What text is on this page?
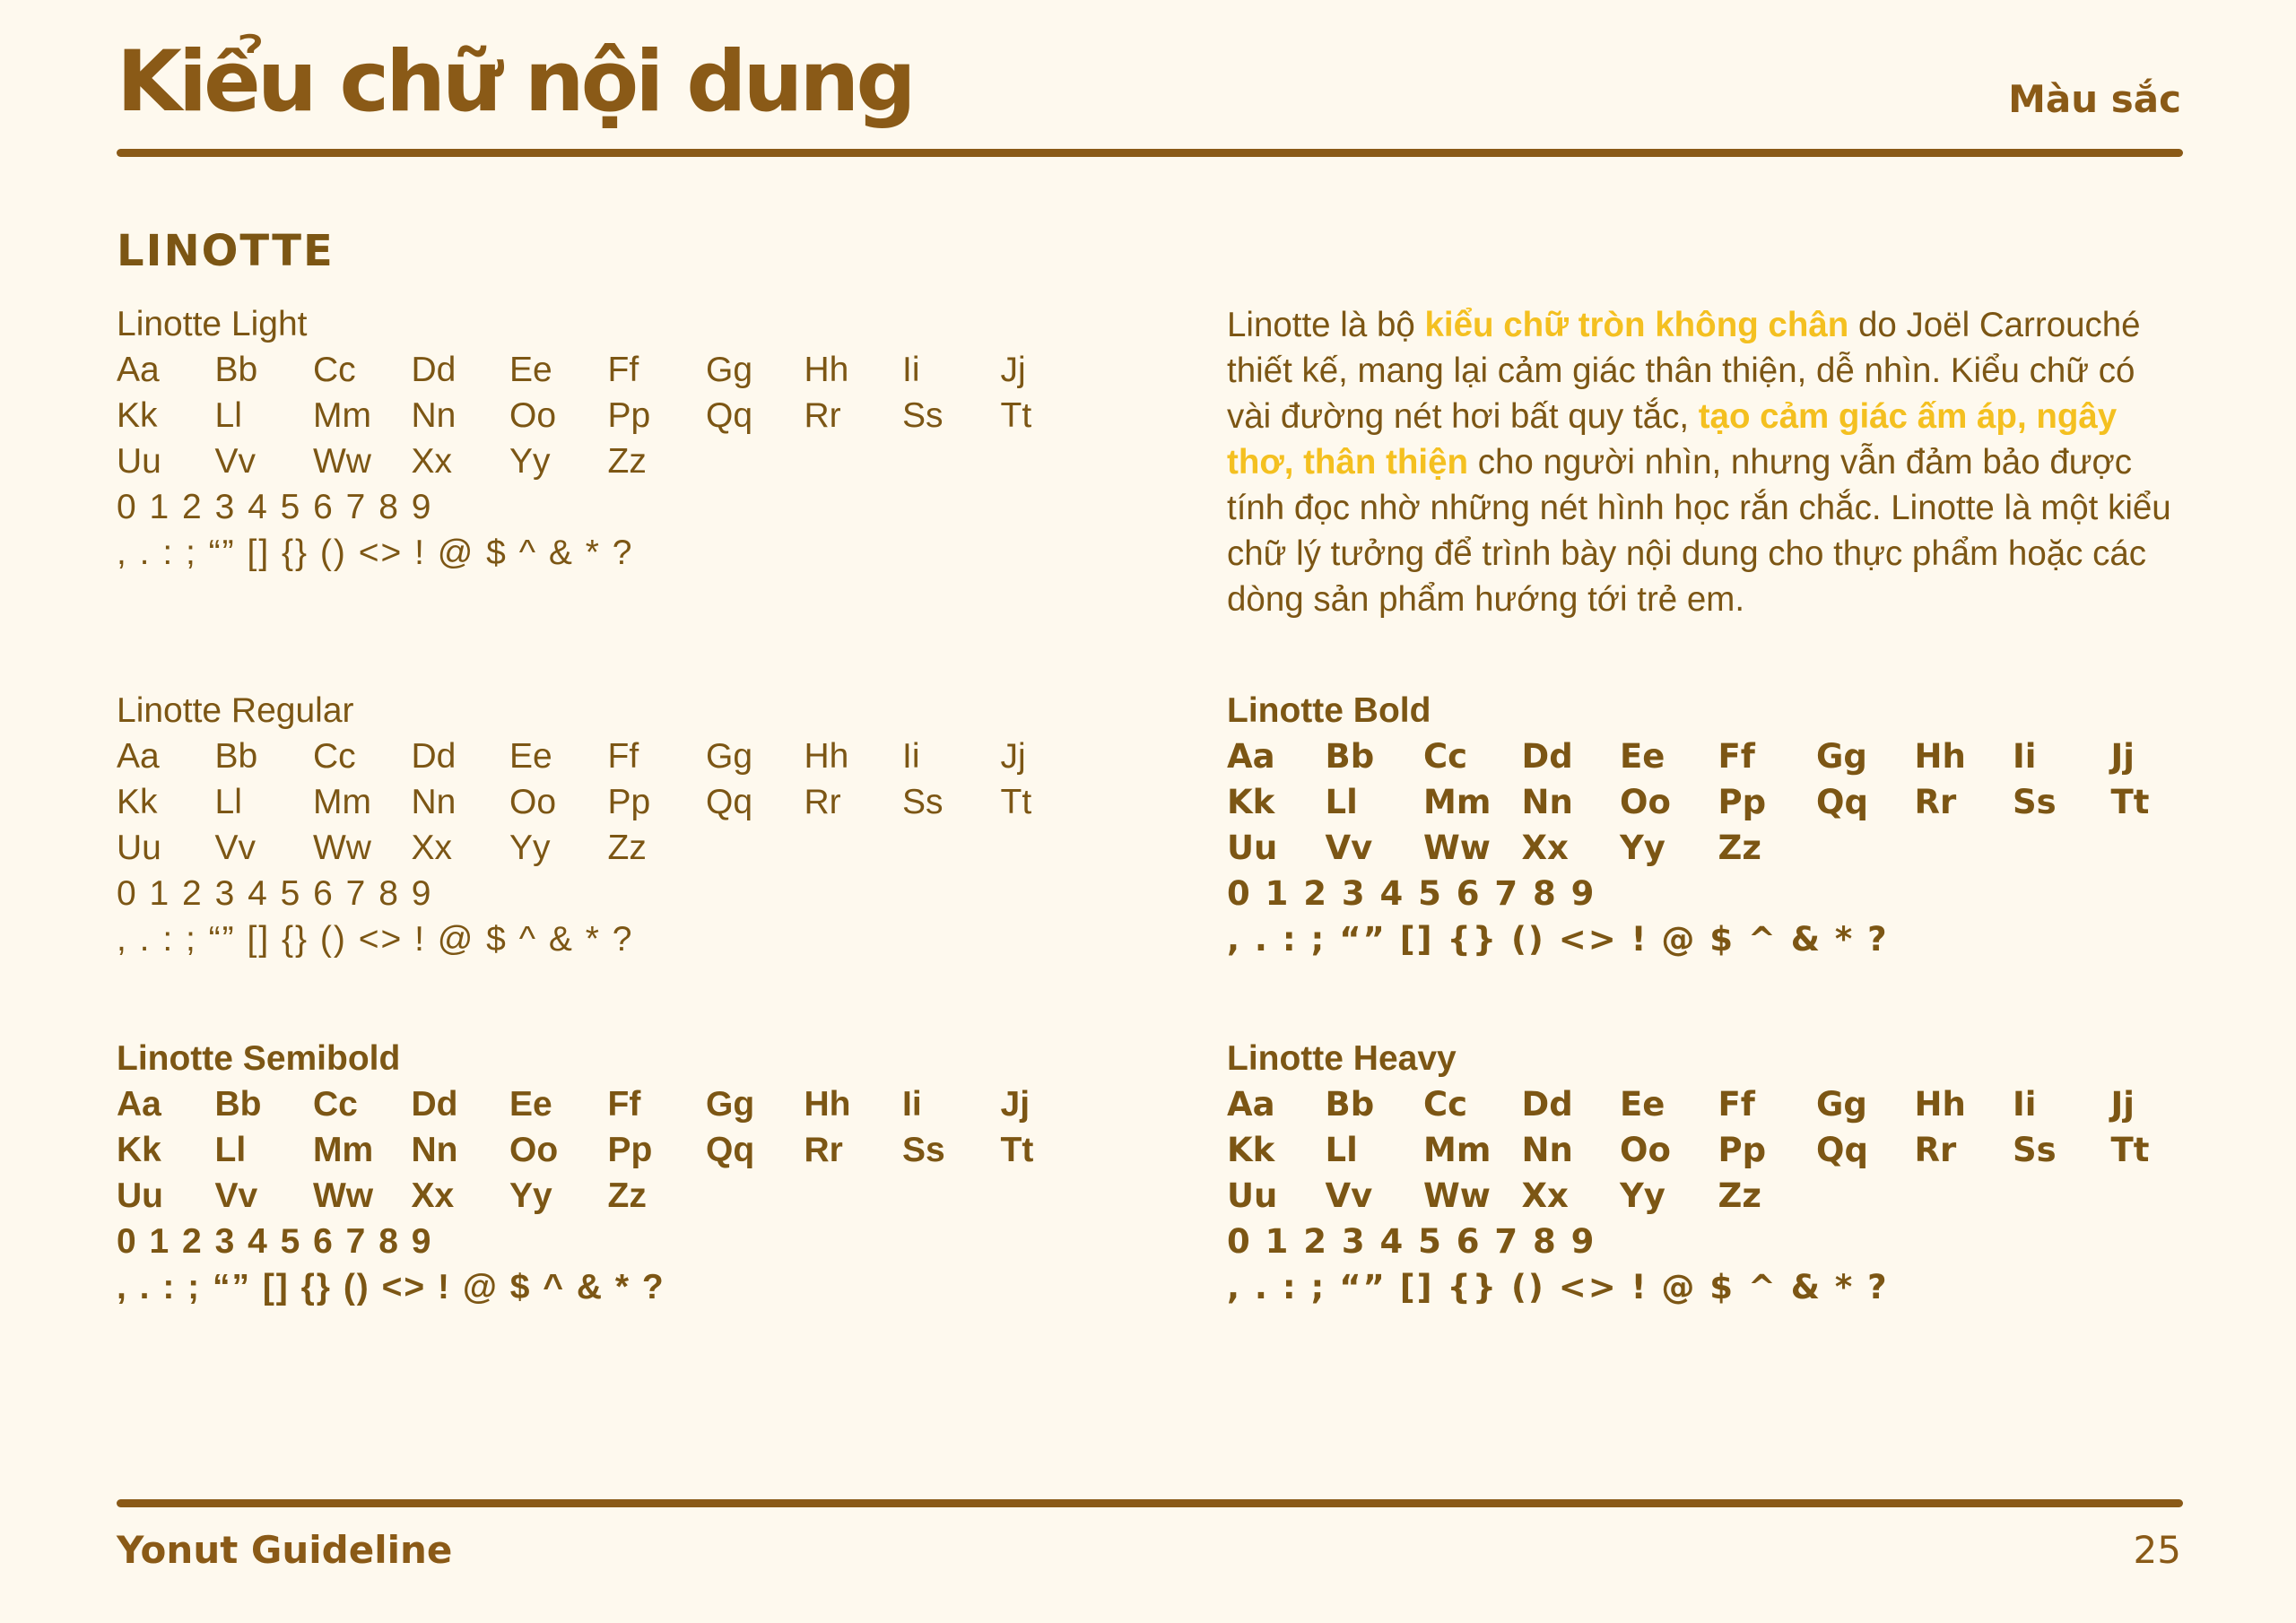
Kiểu chữ nội dung	Màu sắc
LINOTTE
Linotte Light
Aa Bb Cc Dd Ee Ff Gg Hh Ii Jj
Kk Ll Mm Nn Oo Pp Qq Rr Ss Tt
Uu Vv Ww Xx Yy Zz
0 1 2 3 4 5 6 7 8 9
, . : ; “” [] {} () <> ! @ $ ^ & * ?

Linotte là bộ kiểu chữ tròn không chân do Joël Carrouché thiết kế, mang lại cảm giác thân thiện, dễ nhìn. Kiểu chữ có vài đường nét hơi bất quy tắc, tạo cảm giác ấm áp, ngây thơ, thân thiện cho người nhìn, nhưng vẫn đảm bảo được tính đọc nhờ những nét hình học rắn chắc. Linotte là một kiểu chữ lý tưởng để trình bày nội dung cho thực phẩm hoặc các dòng sản phẩm hướng tới trẻ em.

Linotte Regular
Aa Bb Cc Dd Ee Ff Gg Hh Ii Jj
Kk Ll Mm Nn Oo Pp Qq Rr Ss Tt
Uu Vv Ww Xx Yy Zz
0 1 2 3 4 5 6 7 8 9
, . : ; “” [] {} () <> ! @ $ ^ & * ?
Linotte Bold
Aa Bb Cc Dd Ee Ff Gg Hh Ii Jj
Kk Ll Mm Nn Oo Pp Qq Rr Ss Tt
Uu Vv Ww Xx Yy Zz
0 1 2 3 4 5 6 7 8 9
, . : ; “” [] {} () <> ! @ $ ^ & * ?
Linotte Semibold
Aa Bb Cc Dd Ee Ff Gg Hh Ii Jj
Kk Ll Mm Nn Oo Pp Qq Rr Ss Tt
Uu Vv Ww Xx Yy Zz
0 1 2 3 4 5 6 7 8 9
, . : ; “” [] {} () <> ! @ $ ^ & * ?
Linotte Heavy
Aa Bb Cc Dd Ee Ff Gg Hh Ii Jj
Kk Ll Mm Nn Oo Pp Qq Rr Ss Tt
Uu Vv Ww Xx Yy Zz
0 1 2 3 4 5 6 7 8 9
, . : ; “” [] {} () <> ! @ $ ^ & * ?
Yonut Guideline	25
